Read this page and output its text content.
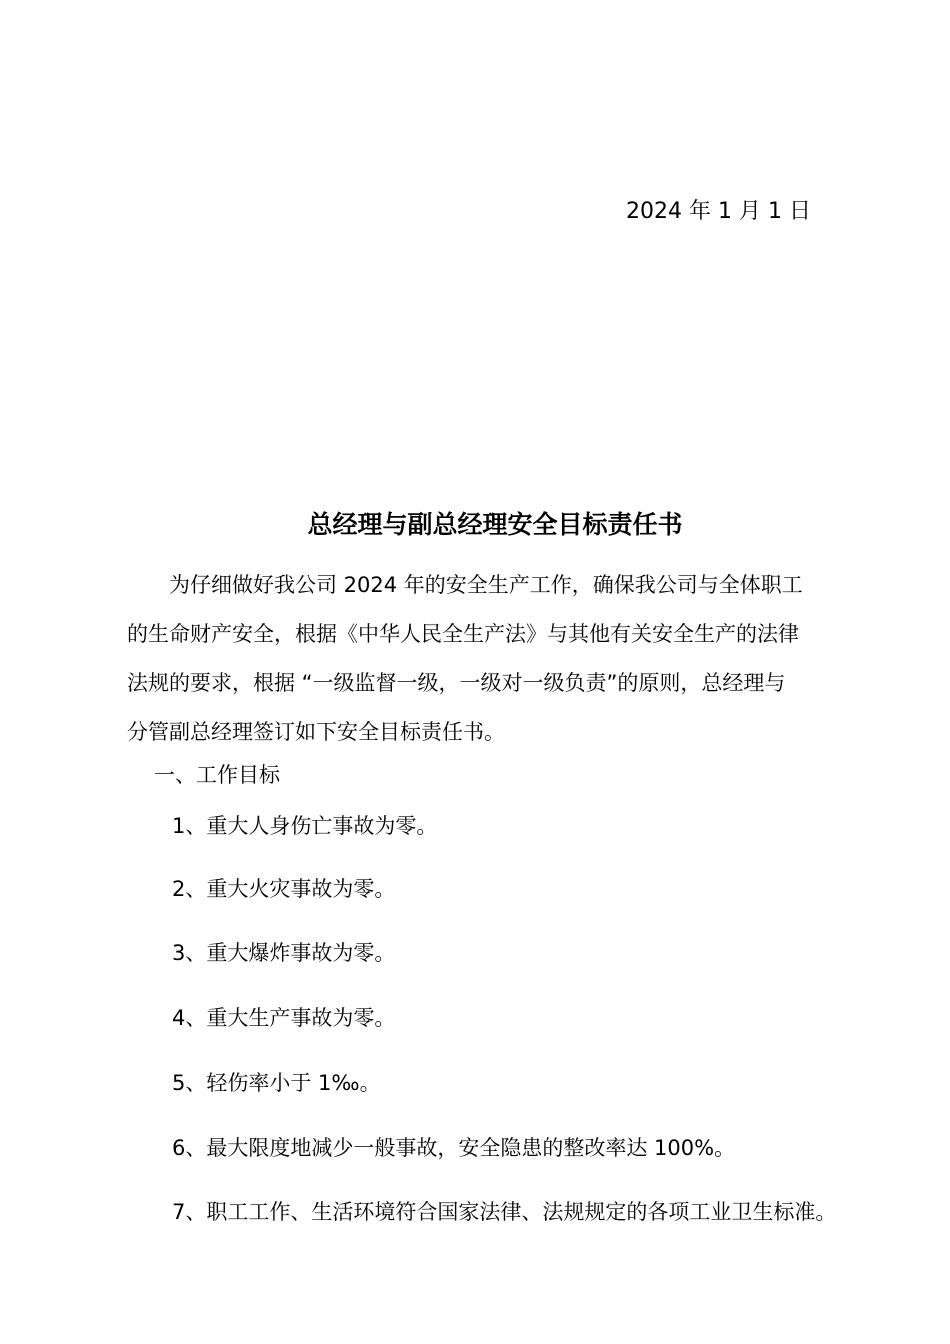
2024 年 1 月 1 日
总经理与副总经理安全目标责任书
为仔细做好我公司 2024 年的安全生产工作，确保我公司与全体职工
的生命财产安全，根据《中华人民全生产法》与其他有关安全生产的法律
法规的要求，根据 “一级监督一级，一级对一级负责”的原则，总经理与
分管副总经理签订如下安全目标责任书。
一、工作目标
1、重大人身伤亡事故为零。
2、重大火灾事故为零。
3、重大爆炸事故为零。
4、重大生产事故为零。
5、轻伤率小于 1‰。
6、最大限度地减少一般事故，安全隐患的整改率达 100%。
7、职工工作、生活环境符合国家法律、法规规定的各项工业卫生标准。
